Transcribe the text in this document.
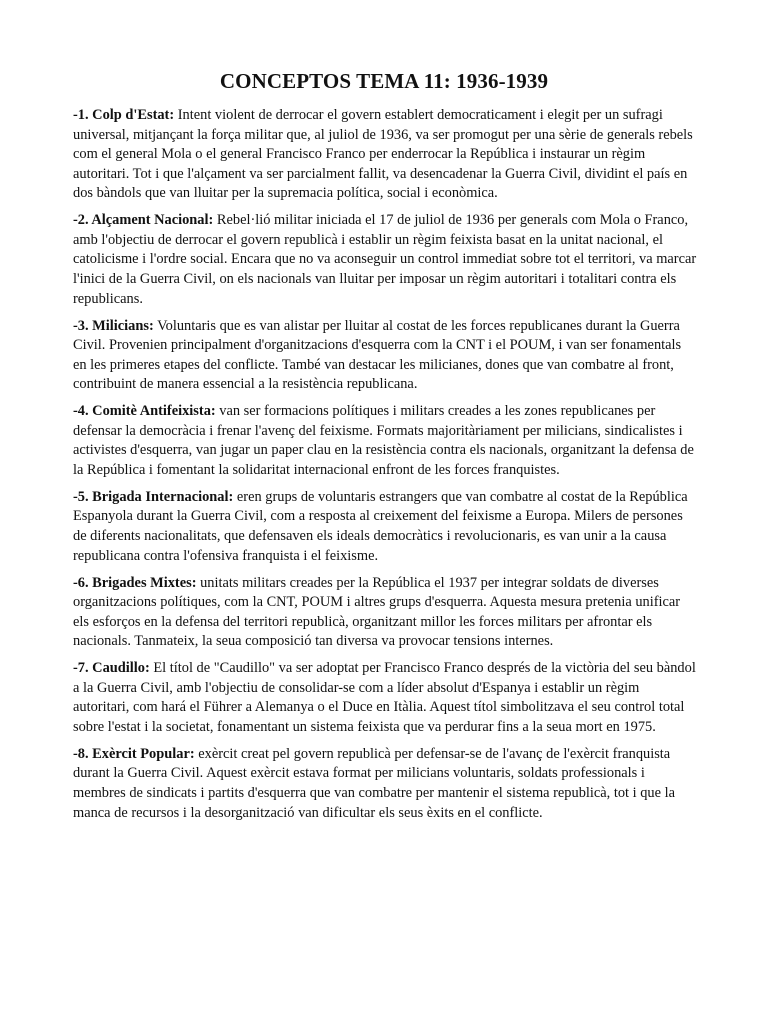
CONCEPTOS TEMA 11: 1936-1939

-1. Colp d'Estat: Intent violent de derrocar el govern establert democraticament i elegit per un sufragi universal, mitjançant la força militar que, al juliol de 1936, va ser promogut per una sèrie de generals rebels com el general Mola o el general Francisco Franco per enderrocar la República i instaurar un règim autoritari. Tot i que l'alçament va ser parcialment fallit, va desencadenar la Guerra Civil, dividint el país en dos bàndols que van lluitar per la supremacia política, social i econòmica.

-2. Alçament Nacional: Rebel·lió militar iniciada el 17 de juliol de 1936 per generals com Mola o Franco, amb l'objectiu de derrocar el govern republicà i establir un règim feixista basat en la unitat nacional, el catolicisme i l'ordre social. Encara que no va aconseguir un control immediat sobre tot el territori, va marcar l'inici de la Guerra Civil, on els nacionals van lluitar per imposar un règim autoritari i totalitari contra els republicans.

-3. Milicians: Voluntaris que es van alistar per lluitar al costat de les forces republicanes durant la Guerra Civil. Provenien principalment d'organitzacions d'esquerra com la CNT i el POUM, i van ser fonamentals en les primeres etapes del conflicte. També van destacar les milicianes, dones que van combatre al front, contribuint de manera essencial a la resistència republicana.

-4. Comitè Antifeixista: van ser formacions polítiques i militars creades a les zones republicanes per defensar la democràcia i frenar l'avenç del feixisme. Formats majoritàriament per milicians, sindicalistes i activistes d'esquerra, van jugar un paper clau en la resistència contra els nacionals, organitzant la defensa de la República i fomentant la solidaritat internacional enfront de les forces franquistes.

-5. Brigada Internacional: eren grups de voluntaris estrangers que van combatre al costat de la República Espanyola durant la Guerra Civil, com a resposta al creixement del feixisme a Europa. Milers de persones de diferents nacionalitats, que defensaven els ideals democràtics i revolucionaris, es van unir a la causa republicana contra l'ofensiva franquista i el feixisme.

-6. Brigades Mixtes: unitats militars creades per la República el 1937 per integrar soldats de diverses organitzacions polítiques, com la CNT, POUM i altres grups d'esquerra. Aquesta mesura pretenia unificar els esforços en la defensa del territori republicà, organitzant millor les forces militars per afrontar els nacionals. Tanmateix, la seua composició tan diversa va provocar tensions internes.

-7. Caudillo: El títol de "Caudillo" va ser adoptat per Francisco Franco després de la victòria del seu bàndol a la Guerra Civil, amb l'objectiu de consolidar-se com a líder absolut d'Espanya i establir un règim autoritari, com hará el Führer a Alemanya o el Duce en Itàlia. Aquest títol simbolitzava el seu control total sobre l'estat i la societat, fonamentant un sistema feixista que va perdurar fins a la seua mort en 1975.

-8. Exèrcit Popular: exèrcit creat pel govern republicà per defensar-se de l'avanç de l'exèrcit franquista durant la Guerra Civil. Aquest exèrcit estava format per milicians voluntaris, soldats professionals i membres de sindicats i partits d'esquerra que van combatre per mantenir el sistema republicà, tot i que la manca de recursos i la desorganització van dificultar els seus èxits en el conflicte.
